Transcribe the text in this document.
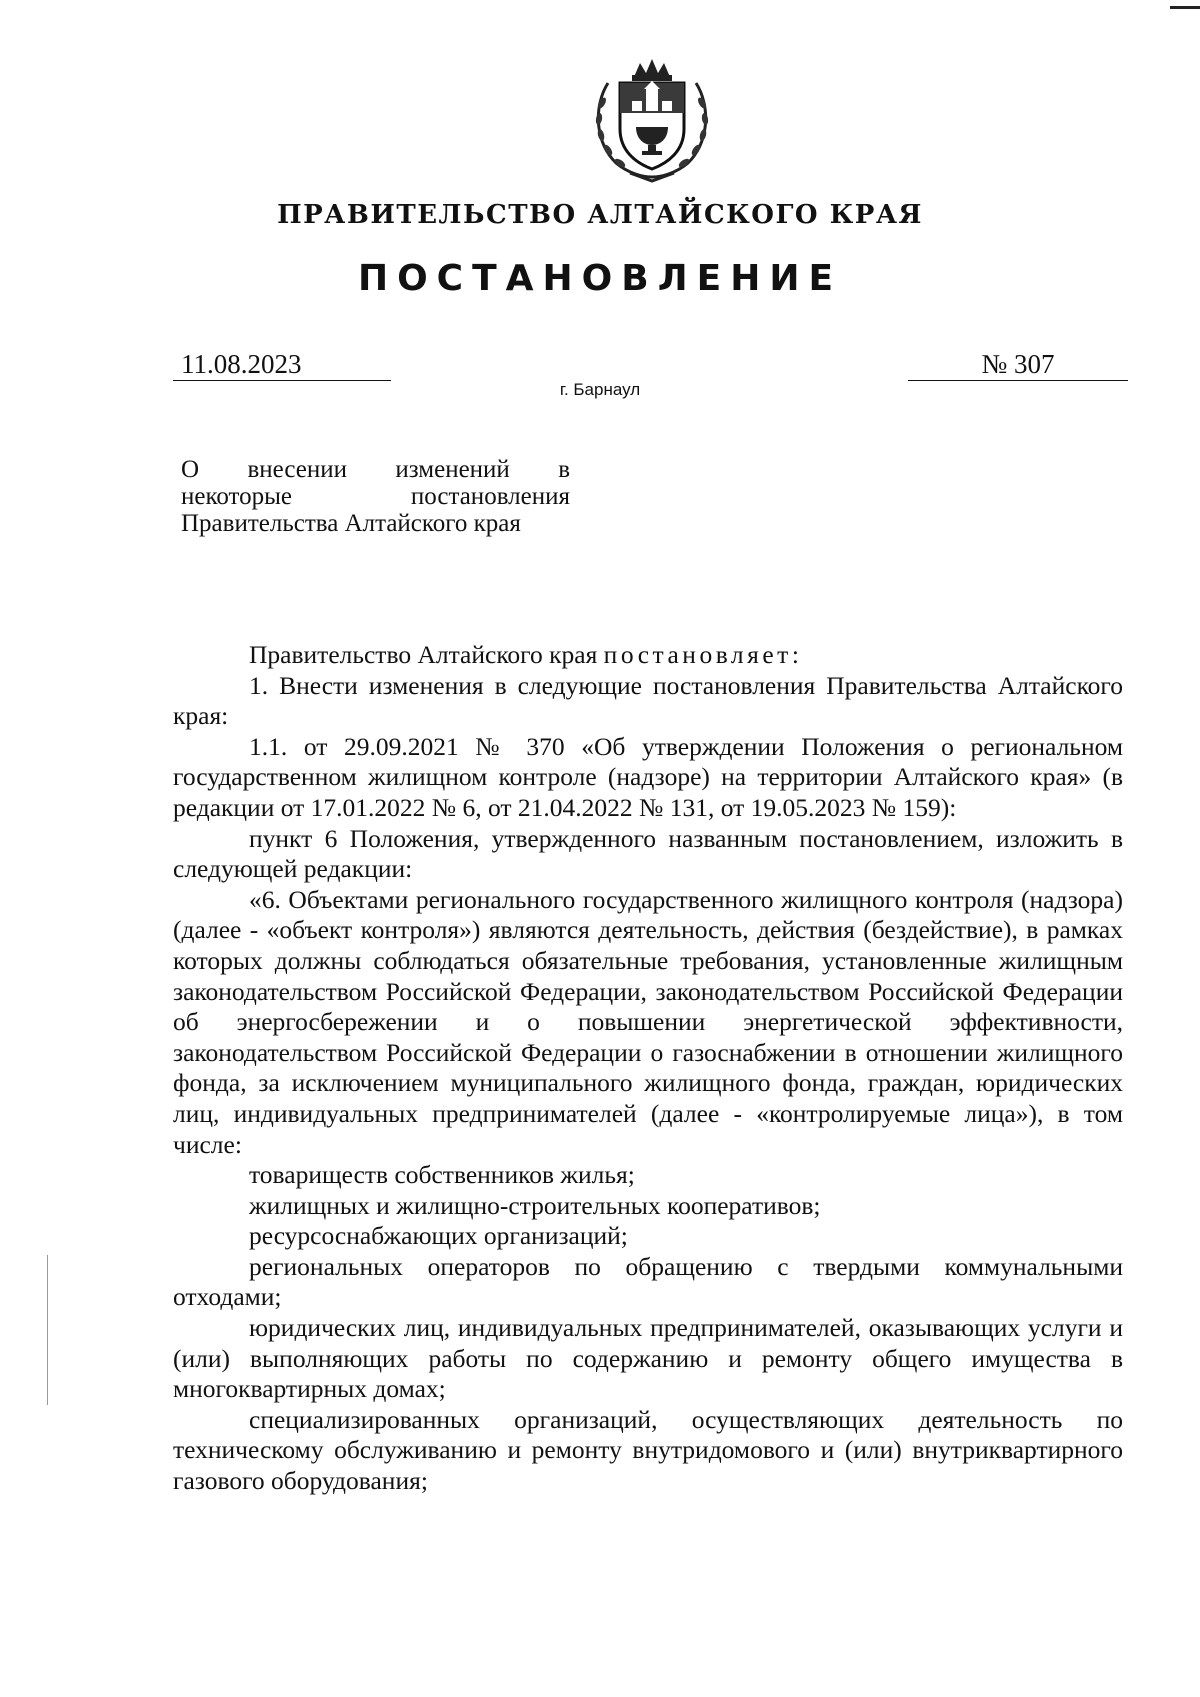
ПРАВИТЕЛЬСТВО АЛТАЙСКОГО КРАЯ
ПОСТАНОВЛЕНИЕ
11.08.2023	№ 307
г. Барнаул
О внесении изменений в
некоторые постановления
Правительства Алтайского края

Правительство Алтайского края постановляет:

1. Внести изменения в следующие постановления Правительства Алтайского края:

1.1. от 29.09.2021 № 370 «Об утверждении Положения о региональном государственном жилищном контроле (надзоре) на территории Алтайского края» (в редакции от 17.01.2022 № 6, от 21.04.2022 № 131, от 19.05.2023 № 159):

пункт 6 Положения, утвержденного названным постановлением, изложить в следующей редакции:

«6. Объектами регионального государственного жилищного контроля (надзора) (далее - «объект контроля») являются деятельность, действия (бездействие), в рамках которых должны соблюдаться обязательные требования, установленные жилищным законодательством Российской Федерации, законодательством Российской Федерации об энергосбережении и о повышении энергетической эффективности, законодательством Российской Федерации о газоснабжении в отношении жилищного фонда, за исключением муниципального жилищного фонда, граждан, юридических лиц, индивидуальных предпринимателей (далее - «контролируемые лица»), в том числе:

товариществ собственников жилья;

жилищных и жилищно-строительных кооперативов;

ресурсоснабжающих организаций;

региональных операторов по обращению с твердыми коммунальными отходами;

юридических лиц, индивидуальных предпринимателей, оказывающих услуги и (или) выполняющих работы по содержанию и ремонту общего имущества в многоквартирных домах;

специализированных организаций, осуществляющих деятельность по техническому обслуживанию и ремонту внутридомового и (или) внутриквартирного газового оборудования;
